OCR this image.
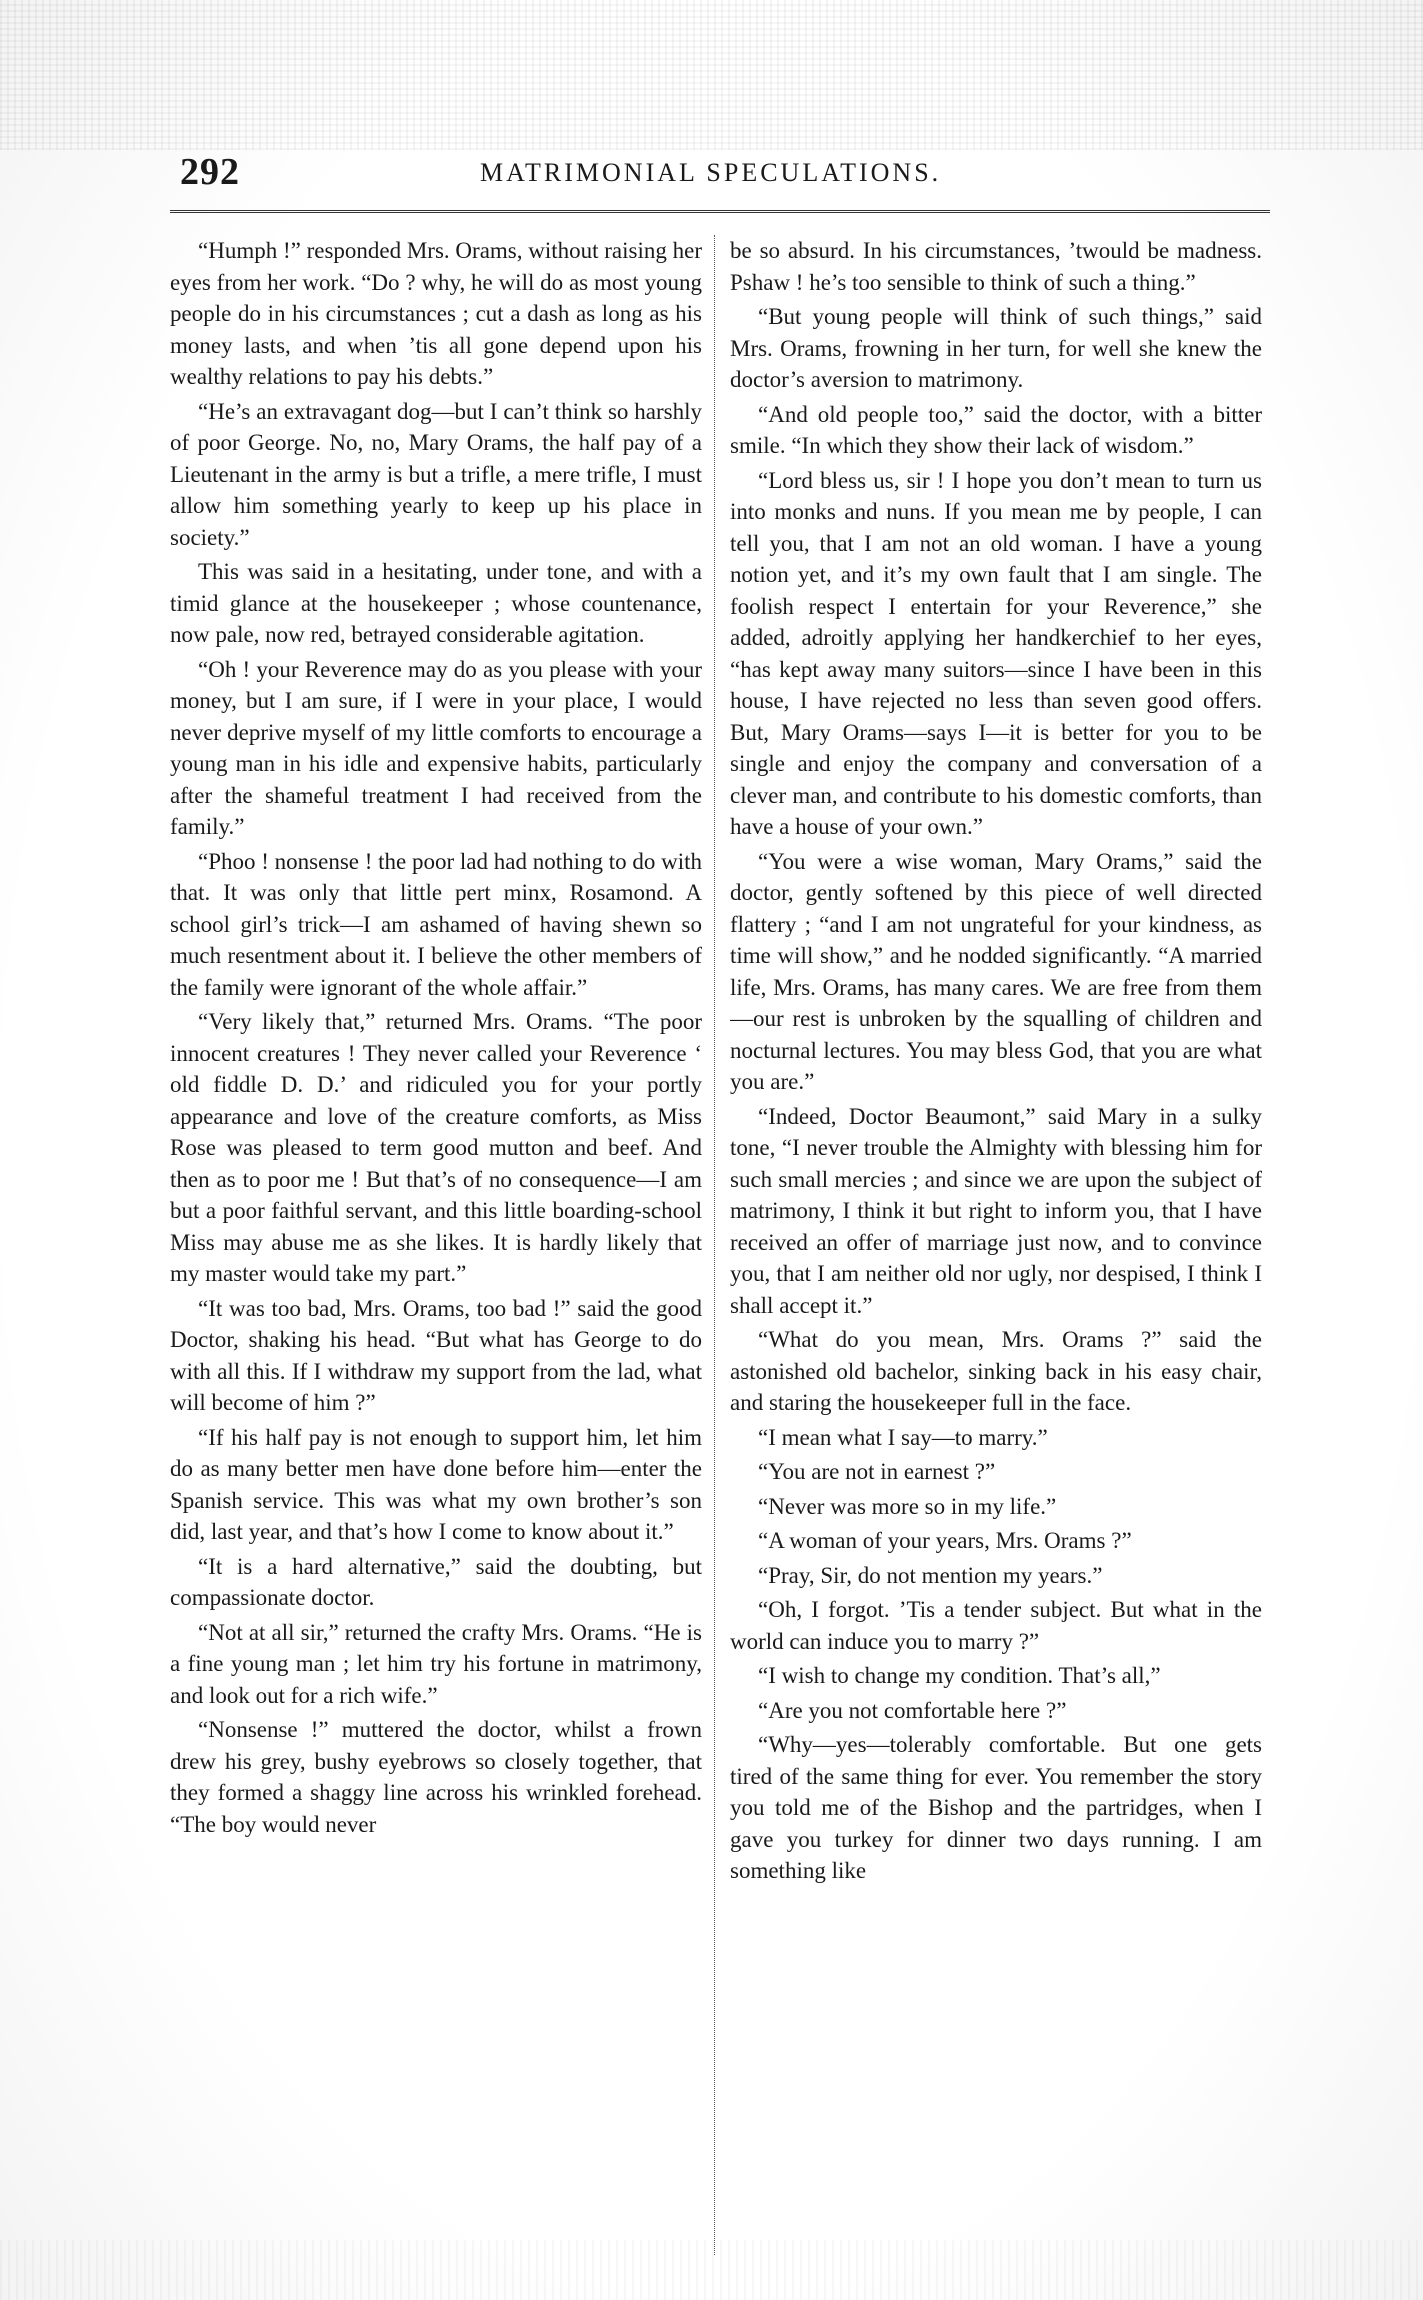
292	MATRIMONIAL SPECULATIONS.

“Humph !” responded Mrs. Orams, without raising her eyes from her work. “Do ? why, he will do as most young people do in his circumstances ; cut a dash as long as his money lasts, and when ’tis all gone depend upon his wealthy relations to pay his debts.”

“He’s an extravagant dog—but I can’t think so harshly of poor George. No, no, Mary Orams, the half pay of a Lieutenant in the army is but a trifle, a mere trifle, I must allow him something yearly to keep up his place in society.”

This was said in a hesitating, under tone, and with a timid glance at the housekeeper ; whose countenance, now pale, now red, betrayed considerable agitation.

“Oh ! your Reverence may do as you please with your money, but I am sure, if I were in your place, I would never deprive myself of my little comforts to encourage a young man in his idle and expensive habits, particularly after the shameful treatment I had received from the family.”

“Phoo ! nonsense ! the poor lad had nothing to do with that. It was only that little pert minx, Rosamond. A school girl’s trick—I am ashamed of having shewn so much resentment about it. I believe the other members of the family were ignorant of the whole affair.”

“Very likely that,” returned Mrs. Orams. “The poor innocent creatures ! They never called your Reverence ‘ old fiddle D. D.’ and ridiculed you for your portly appearance and love of the creature comforts, as Miss Rose was pleased to term good mutton and beef. And then as to poor me ! But that’s of no consequence—I am but a poor faithful servant, and this little boarding-school Miss may abuse me as she likes. It is hardly likely that my master would take my part.”

“It was too bad, Mrs. Orams, too bad !” said the good Doctor, shaking his head. “But what has George to do with all this. If I withdraw my support from the lad, what will become of him ?”

“If his half pay is not enough to support him, let him do as many better men have done before him—enter the Spanish service. This was what my own brother’s son did, last year, and that’s how I come to know about it.”

“It is a hard alternative,” said the doubting, but compassionate doctor.

“Not at all sir,” returned the crafty Mrs. Orams. “He is a fine young man ; let him try his fortune in matrimony, and look out for a rich wife.”

“Nonsense !” muttered the doctor, whilst a frown drew his grey, bushy eyebrows so closely together, that they formed a shaggy line across his wrinkled forehead. “The boy would never

be so absurd. In his circumstances, ’twould be madness. Pshaw ! he’s too sensible to think of such a thing.”

“But young people will think of such things,” said Mrs. Orams, frowning in her turn, for well she knew the doctor’s aversion to matrimony.

“And old people too,” said the doctor, with a bitter smile. “In which they show their lack of wisdom.”

“Lord bless us, sir ! I hope you don’t mean to turn us into monks and nuns. If you mean me by people, I can tell you, that I am not an old woman. I have a young notion yet, and it’s my own fault that I am single. The foolish respect I entertain for your Reverence,” she added, adroitly applying her handkerchief to her eyes, “has kept away many suitors—since I have been in this house, I have rejected no less than seven good offers. But, Mary Orams—says I—it is better for you to be single and enjoy the company and conversation of a clever man, and contribute to his domestic comforts, than have a house of your own.”

“You were a wise woman, Mary Orams,” said the doctor, gently softened by this piece of well directed flattery ; “and I am not ungrateful for your kindness, as time will show,” and he nodded significantly. “A married life, Mrs. Orams, has many cares. We are free from them—our rest is unbroken by the squalling of children and nocturnal lectures. You may bless God, that you are what you are.”

“Indeed, Doctor Beaumont,” said Mary in a sulky tone, “I never trouble the Almighty with blessing him for such small mercies ; and since we are upon the subject of matrimony, I think it but right to inform you, that I have received an offer of marriage just now, and to convince you, that I am neither old nor ugly, nor despised, I think I shall accept it.”

“What do you mean, Mrs. Orams ?” said the astonished old bachelor, sinking back in his easy chair, and staring the housekeeper full in the face.

“I mean what I say—to marry.”

“You are not in earnest ?”

“Never was more so in my life.”

“A woman of your years, Mrs. Orams ?”

“Pray, Sir, do not mention my years.”

“Oh, I forgot. ’Tis a tender subject. But what in the world can induce you to marry ?”

“I wish to change my condition. That’s all,”

“Are you not comfortable here ?”

“Why—yes—tolerably comfortable. But one gets tired of the same thing for ever. You remember the story you told me of the Bishop and the partridges, when I gave you turkey for dinner two days running. I am something like
